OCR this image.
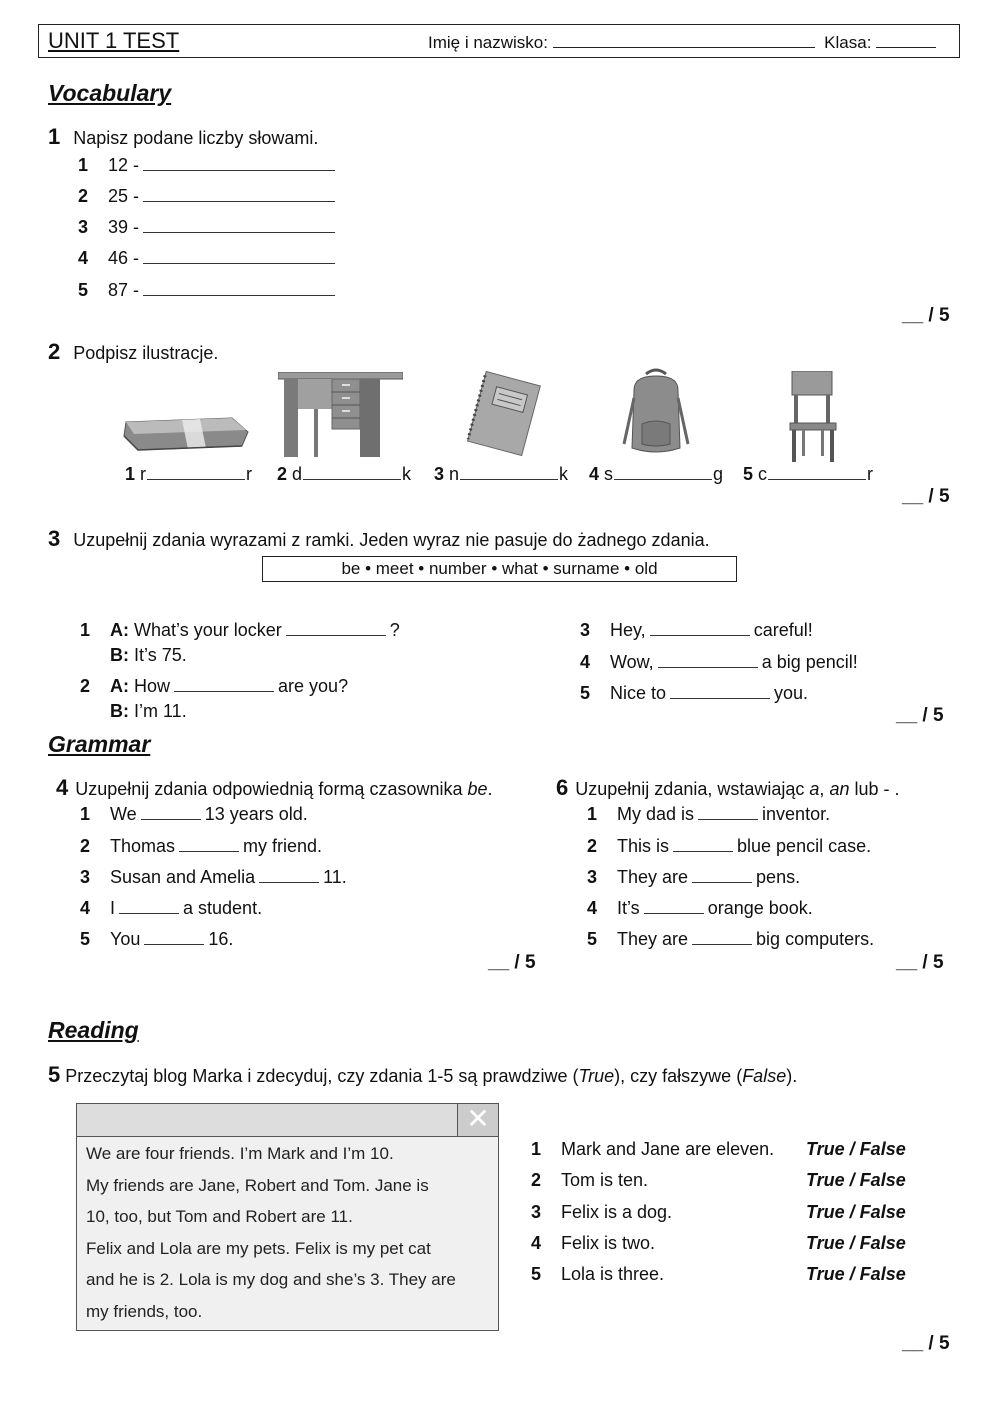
UNIT 1 TEST	Imię i nazwisko:	Klasa:
Vocabulary
1 Napisz podane liczby słowami.
1 12 -
2 25 -
3 39 -
4 46 -
5 87 -
__ / 5
2 Podpisz ilustracje.
1 r	r 2 d	k 3 n	k 4 s	g 5 c	r
__ / 5
3 Uzupełnij zdania wyrazami z ramki. Jeden wyraz nie pasuje do żadnego zdania.
be • meet • number • what • surname • old
1 A: What’s your locker	?
B: It’s 75.
2 A: How	are you?
B: I’m 11.
3 Hey,	careful!
4 Wow,	a big pencil!
5 Nice to	you.
__ / 5
Grammar
4 Uzupełnij zdania odpowiednią formą czasownika be.
1 We	13 years old.
2 Thomas	my friend.
3 Susan and Amelia	11.
4 I	a student.
5 You	16.
__ / 5
6 Uzupełnij zdania, wstawiając a, an lub - .
1 My dad is	inventor.
2 This is	blue pencil case.
3 They are	pens.
4 It’s	orange book.
5 They are	big computers.
__ / 5
Reading
5 Przeczytaj blog Marka i zdecyduj, czy zdania 1-5 są prawdziwe (True), czy fałszywe (False).
✕
We are four friends. I’m Mark and I’m 10.
My friends are Jane, Robert and Tom. Jane is
10, too, but Tom and Robert are 11.
Felix and Lola are my pets. Felix is my pet cat
and he is 2. Lola is my dog and she’s 3. They are
my friends, too.
1 Mark and Jane are eleven. True / False
2 Tom is ten.	True / False
3 Felix is a dog.	True / False
4 Felix is two.	True / False
5 Lola is three.	True / False
__ / 5
